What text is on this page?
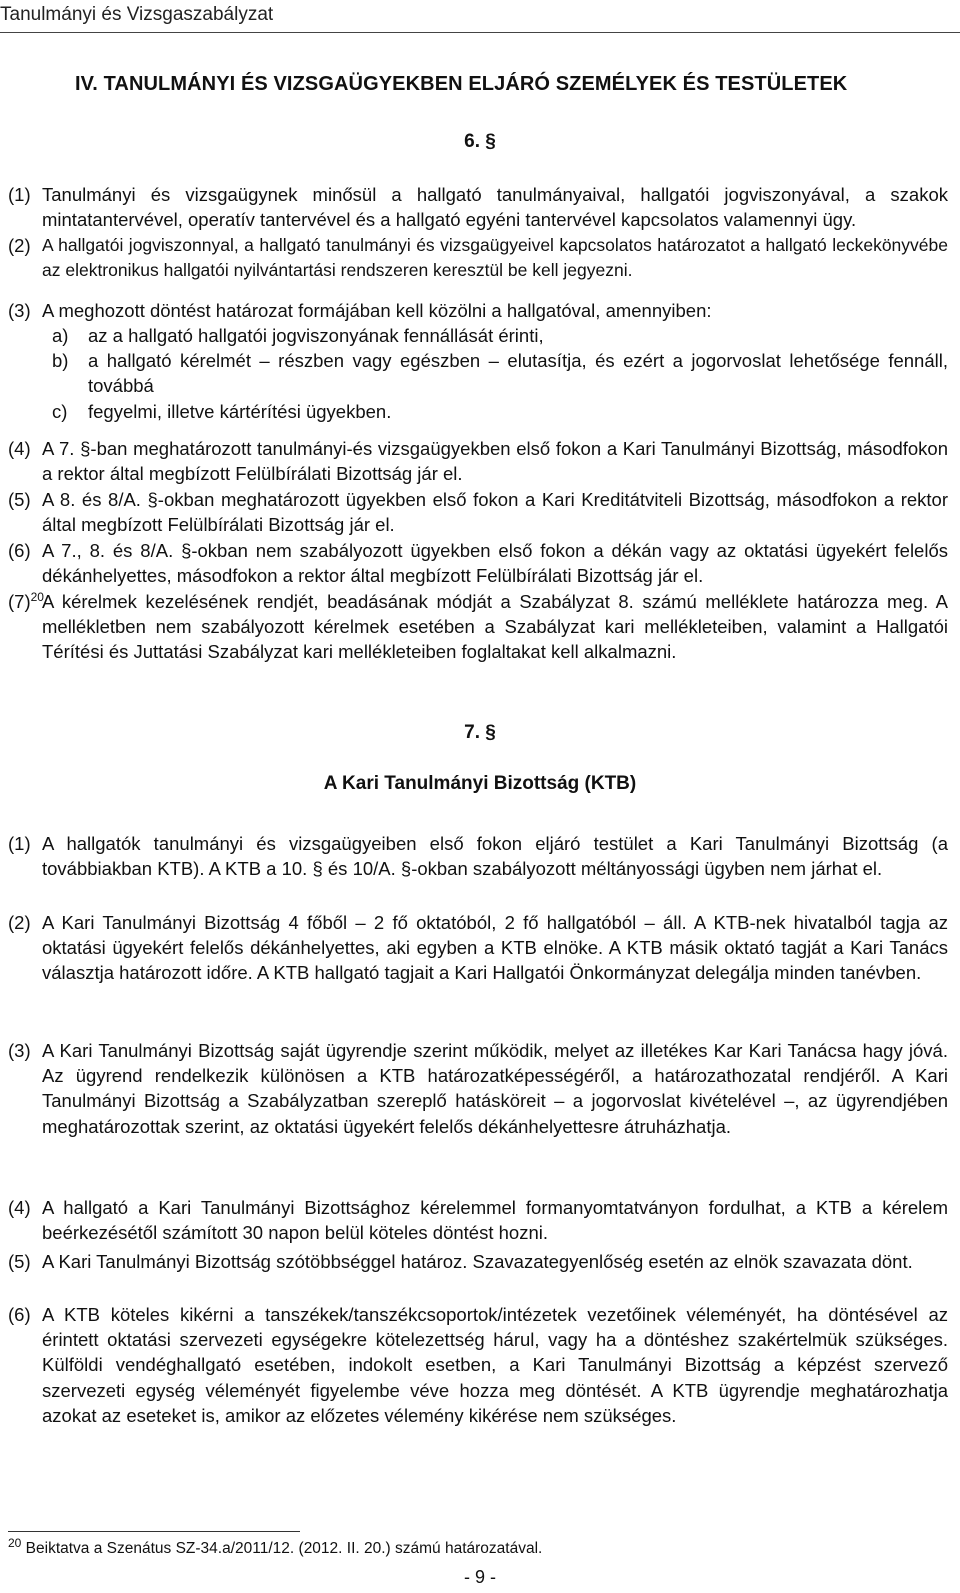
Tanulmányi és Vizsgaszabályzat
IV. TANULMÁNYI ÉS VIZSGAÜGYEKBEN ELJÁRÓ SZEMÉLYEK ÉS TESTÜLETEK
6. §
(1) Tanulmányi és vizsgaügynek minősül a hallgató tanulmányaival, hallgatói jogviszonyával, a szakok mintatantervével, operatív tantervével és a hallgató egyéni tantervével kapcsolatos valamennyi ügy.
(2) A hallgatói jogviszonnyal, a hallgató tanulmányi és vizsgaügyeivel kapcsolatos határozatot a hallgató leckekönyvébe az elektronikus hallgatói nyilvántartási rendszeren keresztül be kell jegyezni.
(3) A meghozott döntést határozat formájában kell közölni a hallgatóval, amennyiben:
a)	az a hallgató hallgatói jogviszonyának fennállását érinti,
b)	a hallgató kérelmét – részben vagy egészben – elutasítja, és ezért a jogorvoslat lehetősége fennáll, továbbá
c)	fegyelmi, illetve kártérítési ügyekben.
(4) A 7. §-ban meghatározott tanulmányi-és vizsgaügyekben első fokon a Kari Tanulmányi Bizottság, másodfokon a rektor által megbízott Felülbírálati Bizottság jár el.
(5) A 8. és 8/A. §-okban meghatározott ügyekben első fokon a Kari Kreditátviteli Bizottság, másodfokon a rektor által megbízott Felülbírálati Bizottság jár el.
(6) A 7., 8. és 8/A. §-okban nem szabályozott ügyekben első fokon a dékán vagy az oktatási ügyekért felelős dékánhelyettes, másodfokon a rektor által megbízott Felülbírálati Bizottság jár el.
$(7)^{20}$
A kérelmek kezelésének rendjét, beadásának módját a Szabályzat 8. számú melléklete határozza meg. A mellékletben nem szabályozott kérelmek esetében a Szabályzat kari mellékleteiben, valamint a Hallgatói Térítési és Juttatási Szabályzat kari mellékleteiben foglaltakat kell alkalmazni.
7. §
A Kari Tanulmányi Bizottság (KTB)
(1) A hallgatók tanulmányi és vizsgaügyeiben első fokon eljáró testület a Kari Tanulmányi Bizottság (a továbbiakban KTB). A KTB a 10. § és 10/A. §-okban szabályozott méltányossági ügyben nem járhat el.
(2) A Kari Tanulmányi Bizottság 4 főből – 2 fő oktatóból, 2 fő hallgatóból – áll. A KTB-nek hivatalból tagja az oktatási ügyekért felelős dékánhelyettes, aki egyben a KTB elnöke. A KTB másik oktató tagját a Kari Tanács választja határozott időre. A KTB hallgató tagjait a Kari Hallgatói Önkormányzat delegálja minden tanévben.
(3) A Kari Tanulmányi Bizottság saját ügyrendje szerint működik, melyet az illetékes Kar Kari Tanácsa hagy jóvá. Az ügyrend rendelkezik különösen a KTB határozatképességéről, a határozathozatal rendjéről. A Kari Tanulmányi Bizottság a Szabályzatban szereplő hatásköreit – a jogorvoslat kivételével –, az ügyrendjében meghatározottak szerint, az oktatási ügyekért felelős dékánhelyettesre átruházhatja.
(4) A hallgató a Kari Tanulmányi Bizottsághoz kérelemmel formanyomtatványon fordulhat, a KTB a kérelem beérkezésétől számított 30 napon belül köteles döntést hozni.
(5) A Kari Tanulmányi Bizottság szótöbbséggel határoz. Szavazategyenlőség esetén az elnök szavazata dönt.
(6) A KTB köteles kikérni a tanszékek/tanszékcsoportok/intézetek vezetőinek véleményét, ha döntésével az érintett oktatási szervezeti egységekre kötelezettség hárul, vagy ha a döntéshez szakértelmük szükséges. Külföldi vendéghallgató esetében, indokolt esetben, a Kari Tanulmányi Bizottság a képzést szervező szervezeti egység véleményét figyelembe véve hozza meg döntését. A KTB ügyrendje meghatározhatja azokat az eseteket is, amikor az előzetes vélemény kikérése nem szükséges.
$^{20}$ Beiktatva a Szenátus SZ-34.a/2011/12. (2012. II. 20.) számú határozatával.
- 9 -
